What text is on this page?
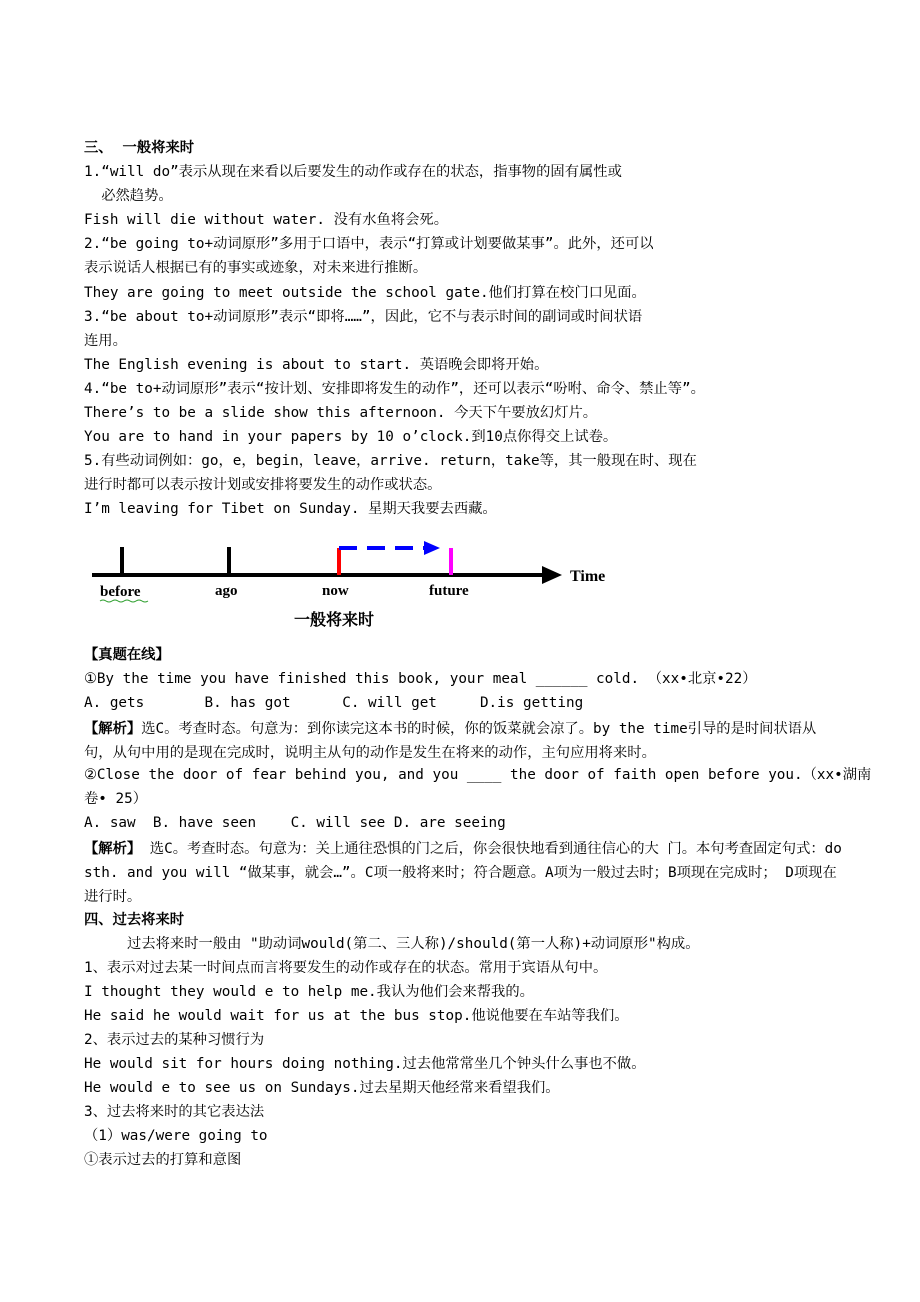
三、  一般将来时
1.“will do”表示从现在来看以后要发生的动作或存在的状态，指事物的固有属性或
必然趋势。
Fish will die without water. 没有水鱼将会死。
2.“be going to+动词原形”多用于口语中，表示“打算或计划要做某事”。此外，还可以
表示说话人根据已有的事实或迹象，对未来进行推断。
They are going to meet outside the school gate.他们打算在校门口见面。
3.“be about to+动词原形”表示“即将……”，因此，它不与表示时间的副词或时间状语
连用。
The English evening is about to start. 英语晚会即将开始。
4.“be to+动词原形”表示“按计划、安排即将发生的动作”，还可以表示“吩咐、命令、禁止等”。
There’s to be a slide show this afternoon. 今天下午要放幻灯片。
You are to hand in your papers by 10 o’clock.到10点你得交上试卷。
5.有些动词例如：go，e，begin，leave，arrive. return，take等，其一般现在时、现在
进行时都可以表示按计划或安排将要发生的动作或状态。
I’m leaving for Tibet on Sunday. 星期天我要去西藏。
before	ago	now	future
Time
一般将来时
【真题在线】
①By the time you have finished this book, your meal ______ cold. （xx•北京•22）
A. gets       B. has got      C. will get     D.is getting
【解析】选C。考查时态。句意为：到你读完这本书的时候，你的饭菜就会凉了。by the time引导的是时间状语从句，从句中用的是现在完成时，说明主从句的动作是发生在将来的动作，主句应用将来时。
②Close the door of fear behind you, and you ____ the door of faith open before you.（xx•湖南
卷• 25）
A. saw  B. have seen    C. will see D. are seeing
【解析】 选C。考查时态。句意为：关上通往恐惧的门之后，你会很快地看到通往信心的大 门。本句考查固定句式：do sth. and you will “做某事，就会…”。C项一般将来时；符合题意。A项为一般过去时；B项现在完成时； D项现在进行时。
四、过去将来时
过去将来时一般由 "助动词would(第二、三人称)/should(第一人称)+动词原形"构成。
1、表示对过去某一时间点而言将要发生的动作或存在的状态。常用于宾语从句中。
I thought they would e to help me.我认为他们会来帮我的。
He said he would wait for us at the bus stop.他说他要在车站等我们。
2、表示过去的某种习惯行为
He would sit for hours doing nothing.过去他常常坐几个钟头什么事也不做。
He would e to see us on Sundays.过去星期天他经常来看望我们。
3、过去将来时的其它表达法
（1）was/were going to
①表示过去的打算和意图
